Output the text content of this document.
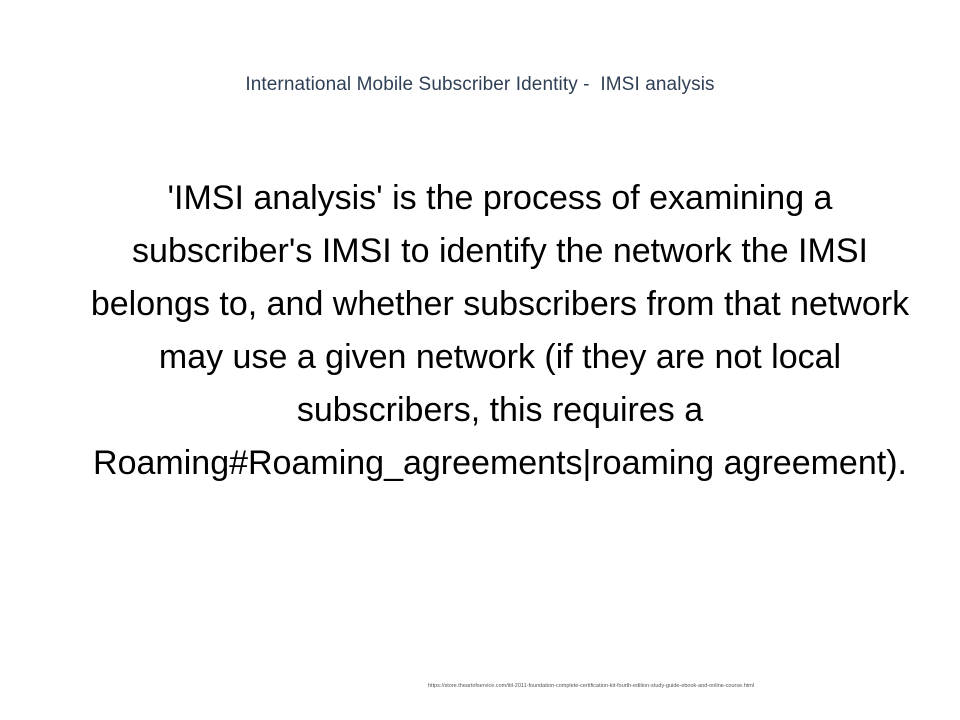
International Mobile Subscriber Identity -  IMSI analysis
'IMSI analysis' is the process of examining a subscriber's IMSI to identify the network the IMSI belongs to, and whether subscribers from that network may use a given network (if they are not local subscribers, this requires a Roaming#Roaming_agreements|roaming agreement).
https://store.theartofservice.com/itil-2011-foundation-complete-certification-kit-fourth-edition-study-guide-ebook-and-online-course.html
